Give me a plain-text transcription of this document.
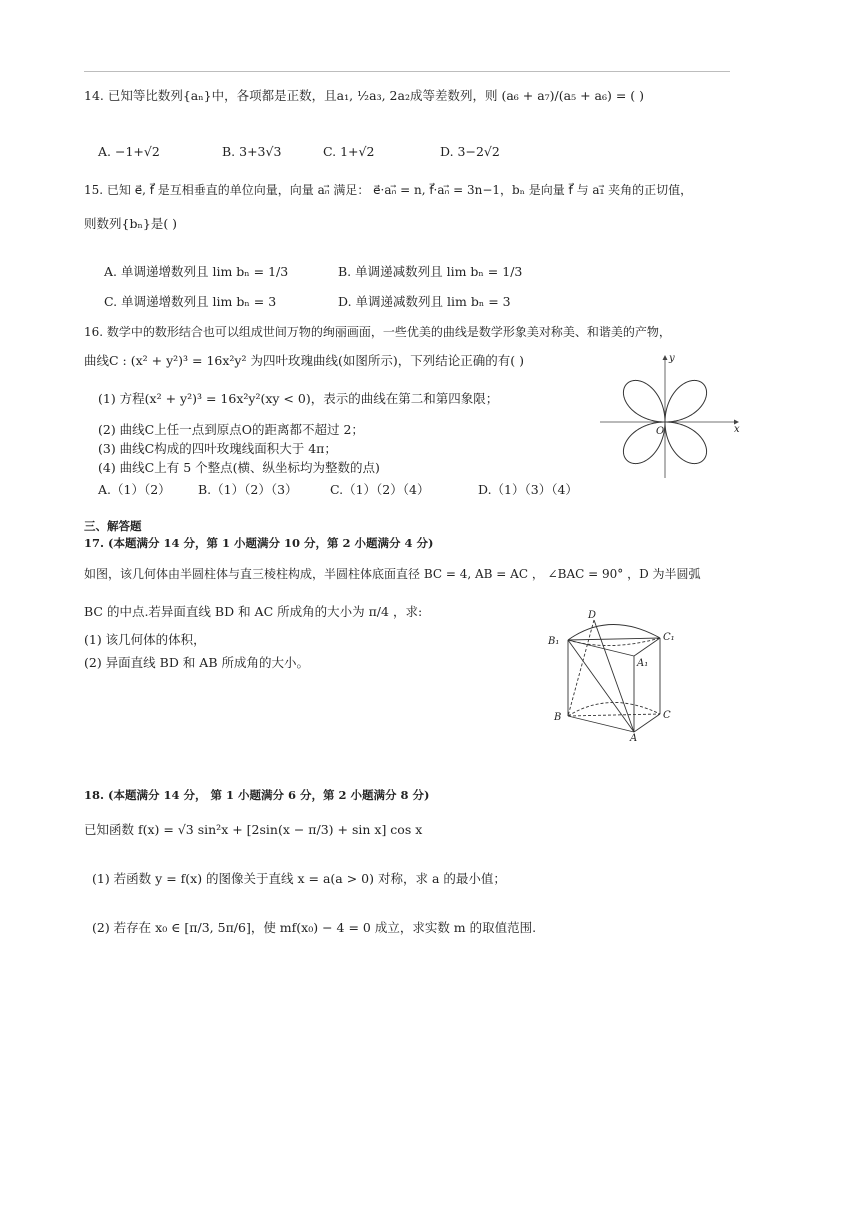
14. 已知等比数列{aₙ}中，各项都是正数，且a₁, ½a₃, 2a₂成等差数列，则 (a₆ + a₇)/(a₅ + a₆) = ( )
A. −1+√2	B. 3+3√3	C. 1+√2	D. 3−2√2
15. 已知 e⃗, f⃗ 是互相垂直的单位向量，向量 aₙ⃗ 满足： e⃗·aₙ⃗ = n, f⃗·aₙ⃗ = 3n−1，bₙ 是向量 f⃗ 与 a₁⃗ 夹角的正切值，
则数列{bₙ}是( )
A. 单调递增数列且 lim bₙ = 1/3	B. 单调递减数列且 lim bₙ = 1/3
C. 单调递增数列且 lim bₙ = 3	D. 单调递减数列且 lim bₙ = 3
16. 数学中的数形结合也可以组成世间万物的绚丽画面，一些优美的曲线是数学形象美对称美、和谐美的产物，
曲线C : (x² + y²)³ = 16x²y² 为四叶玫瑰曲线(如图所示)，下列结论正确的有( )
(1) 方程(x² + y²)³ = 16x²y²(xy < 0)，表示的曲线在第二和第四象限；
(2) 曲线C上任一点到原点O的距离都不超过 2；
(3) 曲线C构成的四叶玫瑰线面积大于 4π；
(4) 曲线C上有 5 个整点(横、纵坐标均为整数的点)
A.（1）（2） B.（1）（2）（3）	C.（1）（2）（4）	D.（1）（3）（4）
y
x
O
三、解答题
17. (本题满分 14 分，第 1 小题满分 10 分，第 2 小题满分 4 分)
如图，该几何体由半圆柱体与直三棱柱构成，半圆柱体底面直径 BC = 4, AB = AC ， ∠BAC = 90° ，D 为半圆弧
BC 的中点.若异面直线 BD 和 AC 所成角的大小为 π/4 ，求:
(1) 该几何体的体积，
(2) 异面直线 BD 和 AB 所成角的大小。
D
B₁	C₁
A₁
B	C
A
18. (本题满分 14 分， 第 1 小题满分 6 分，第 2 小题满分 8 分)
已知函数 f(x) = √3 sin²x + [2sin(x − π/3) + sin x] cos x
(1) 若函数 y = f(x) 的图像关于直线 x = a(a > 0) 对称，求 a 的最小值；
(2) 若存在 x₀ ∈ [π/3, 5π/6]，使 mf(x₀) − 4 = 0 成立，求实数 m 的取值范围.
